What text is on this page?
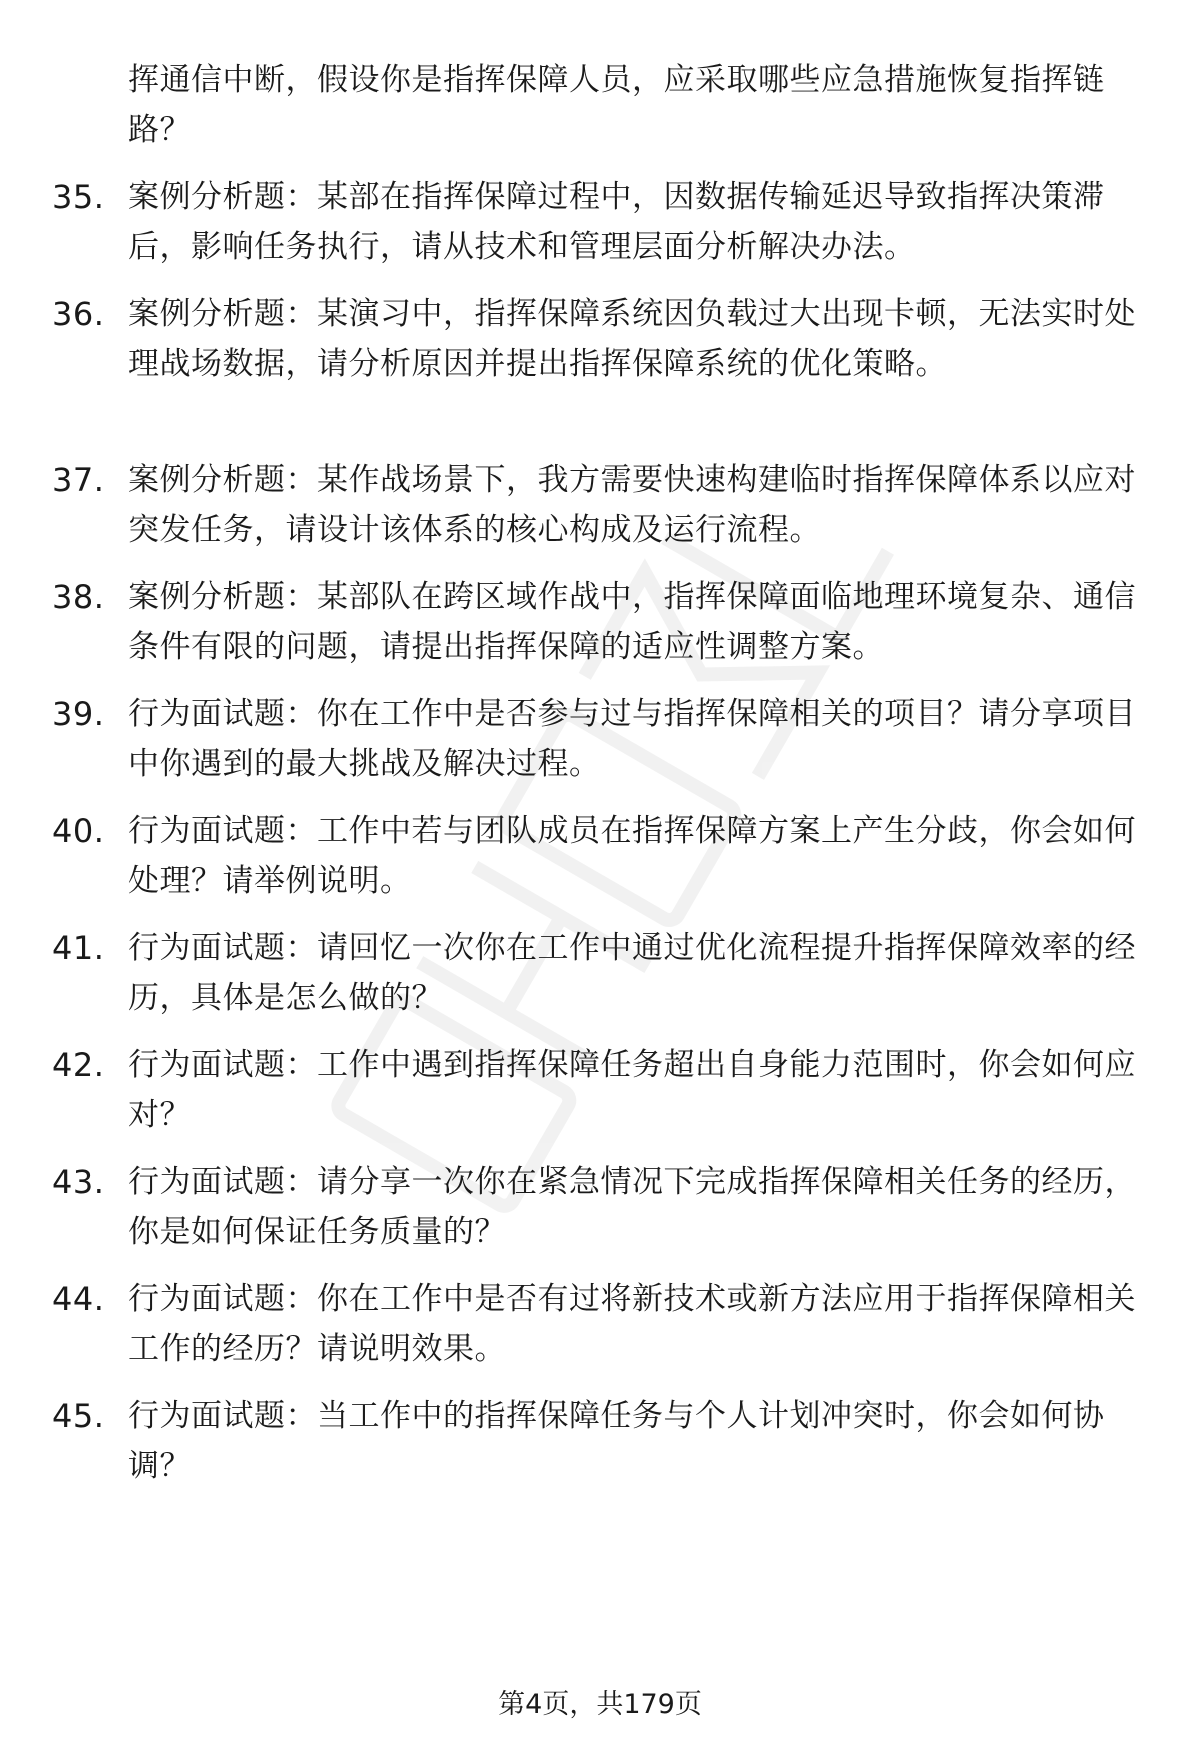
挥通信中断，假设你是指挥保障人员，应采取哪些应急措施恢复指挥链路？
35. 案例分析题：某部在指挥保障过程中，因数据传输延迟导致指挥决策滞后，影响任务执行，请从技术和管理层面分析解决办法。
36. 案例分析题：某演习中，指挥保障系统因负载过大出现卡顿，无法实时处理战场数据，请分析原因并提出指挥保障系统的优化策略。
37. 案例分析题：某作战场景下，我方需要快速构建临时指挥保障体系以应对突发任务，请设计该体系的核心构成及运行流程。
38. 案例分析题：某部队在跨区域作战中，指挥保障面临地理环境复杂、通信条件有限的问题，请提出指挥保障的适应性调整方案。
39. 行为面试题：你在工作中是否参与过与指挥保障相关的项目？请分享项目中你遇到的最大挑战及解决过程。
40. 行为面试题：工作中若与团队成员在指挥保障方案上产生分歧，你会如何处理？请举例说明。
41. 行为面试题：请回忆一次你在工作中通过优化流程提升指挥保障效率的经历，具体是怎么做的？
42. 行为面试题：工作中遇到指挥保障任务超出自身能力范围时，你会如何应对？
43. 行为面试题：请分享一次你在紧急情况下完成指挥保障相关任务的经历，你是如何保证任务质量的？
44. 行为面试题：你在工作中是否有过将新技术或新方法应用于指挥保障相关工作的经历？请说明效果。
45. 行为面试题：当工作中的指挥保障任务与个人计划冲突时，你会如何协调？
第4页，共179页
